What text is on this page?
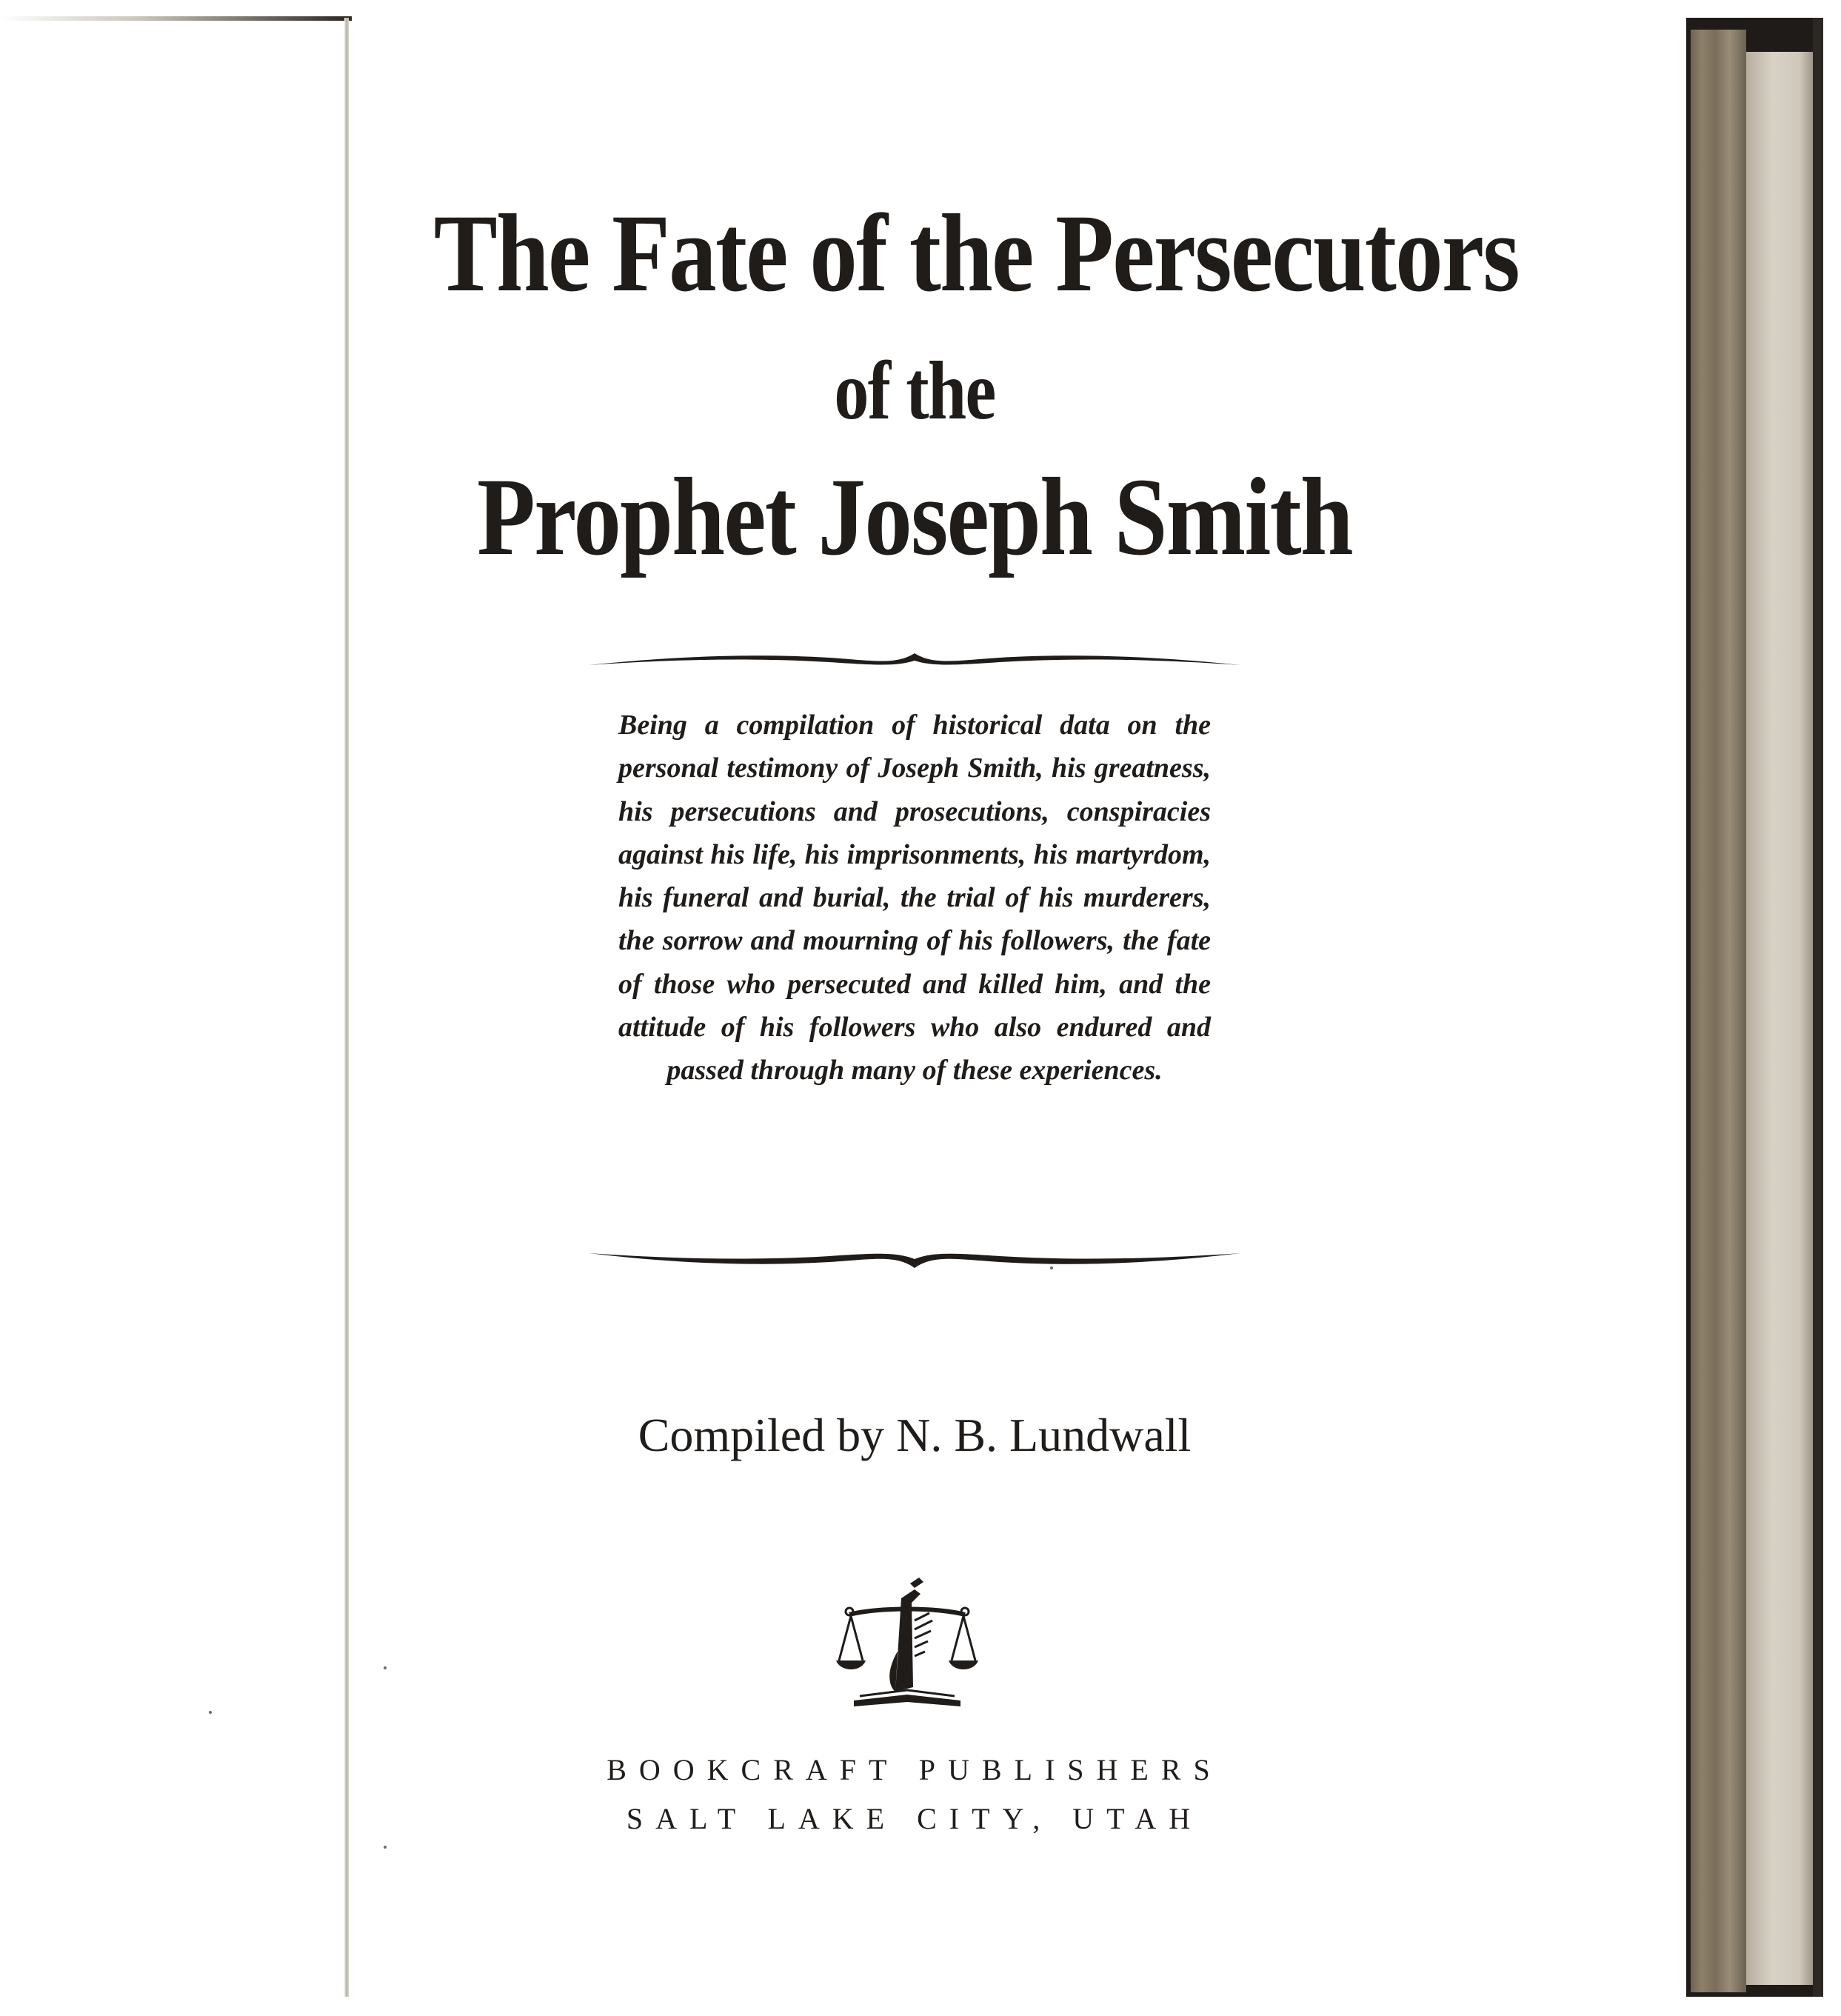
The Fate of the Persecutors
of the
Prophet Joseph Smith

Being a compilation of historical data on the personal testimony of Joseph Smith, his greatness, his persecutions and prosecutions, conspiracies against his life, his imprisonments, his martyrdom, his funeral and burial, the trial of his murderers, the sorrow and mourning of his followers, the fate of those who persecuted and killed him, and the attitude of his followers who also endured and passed through many of these experiences.

Compiled by N. B. Lundwall
BOOKCRAFT PUBLISHERS
SALT LAKE CITY, UTAH
